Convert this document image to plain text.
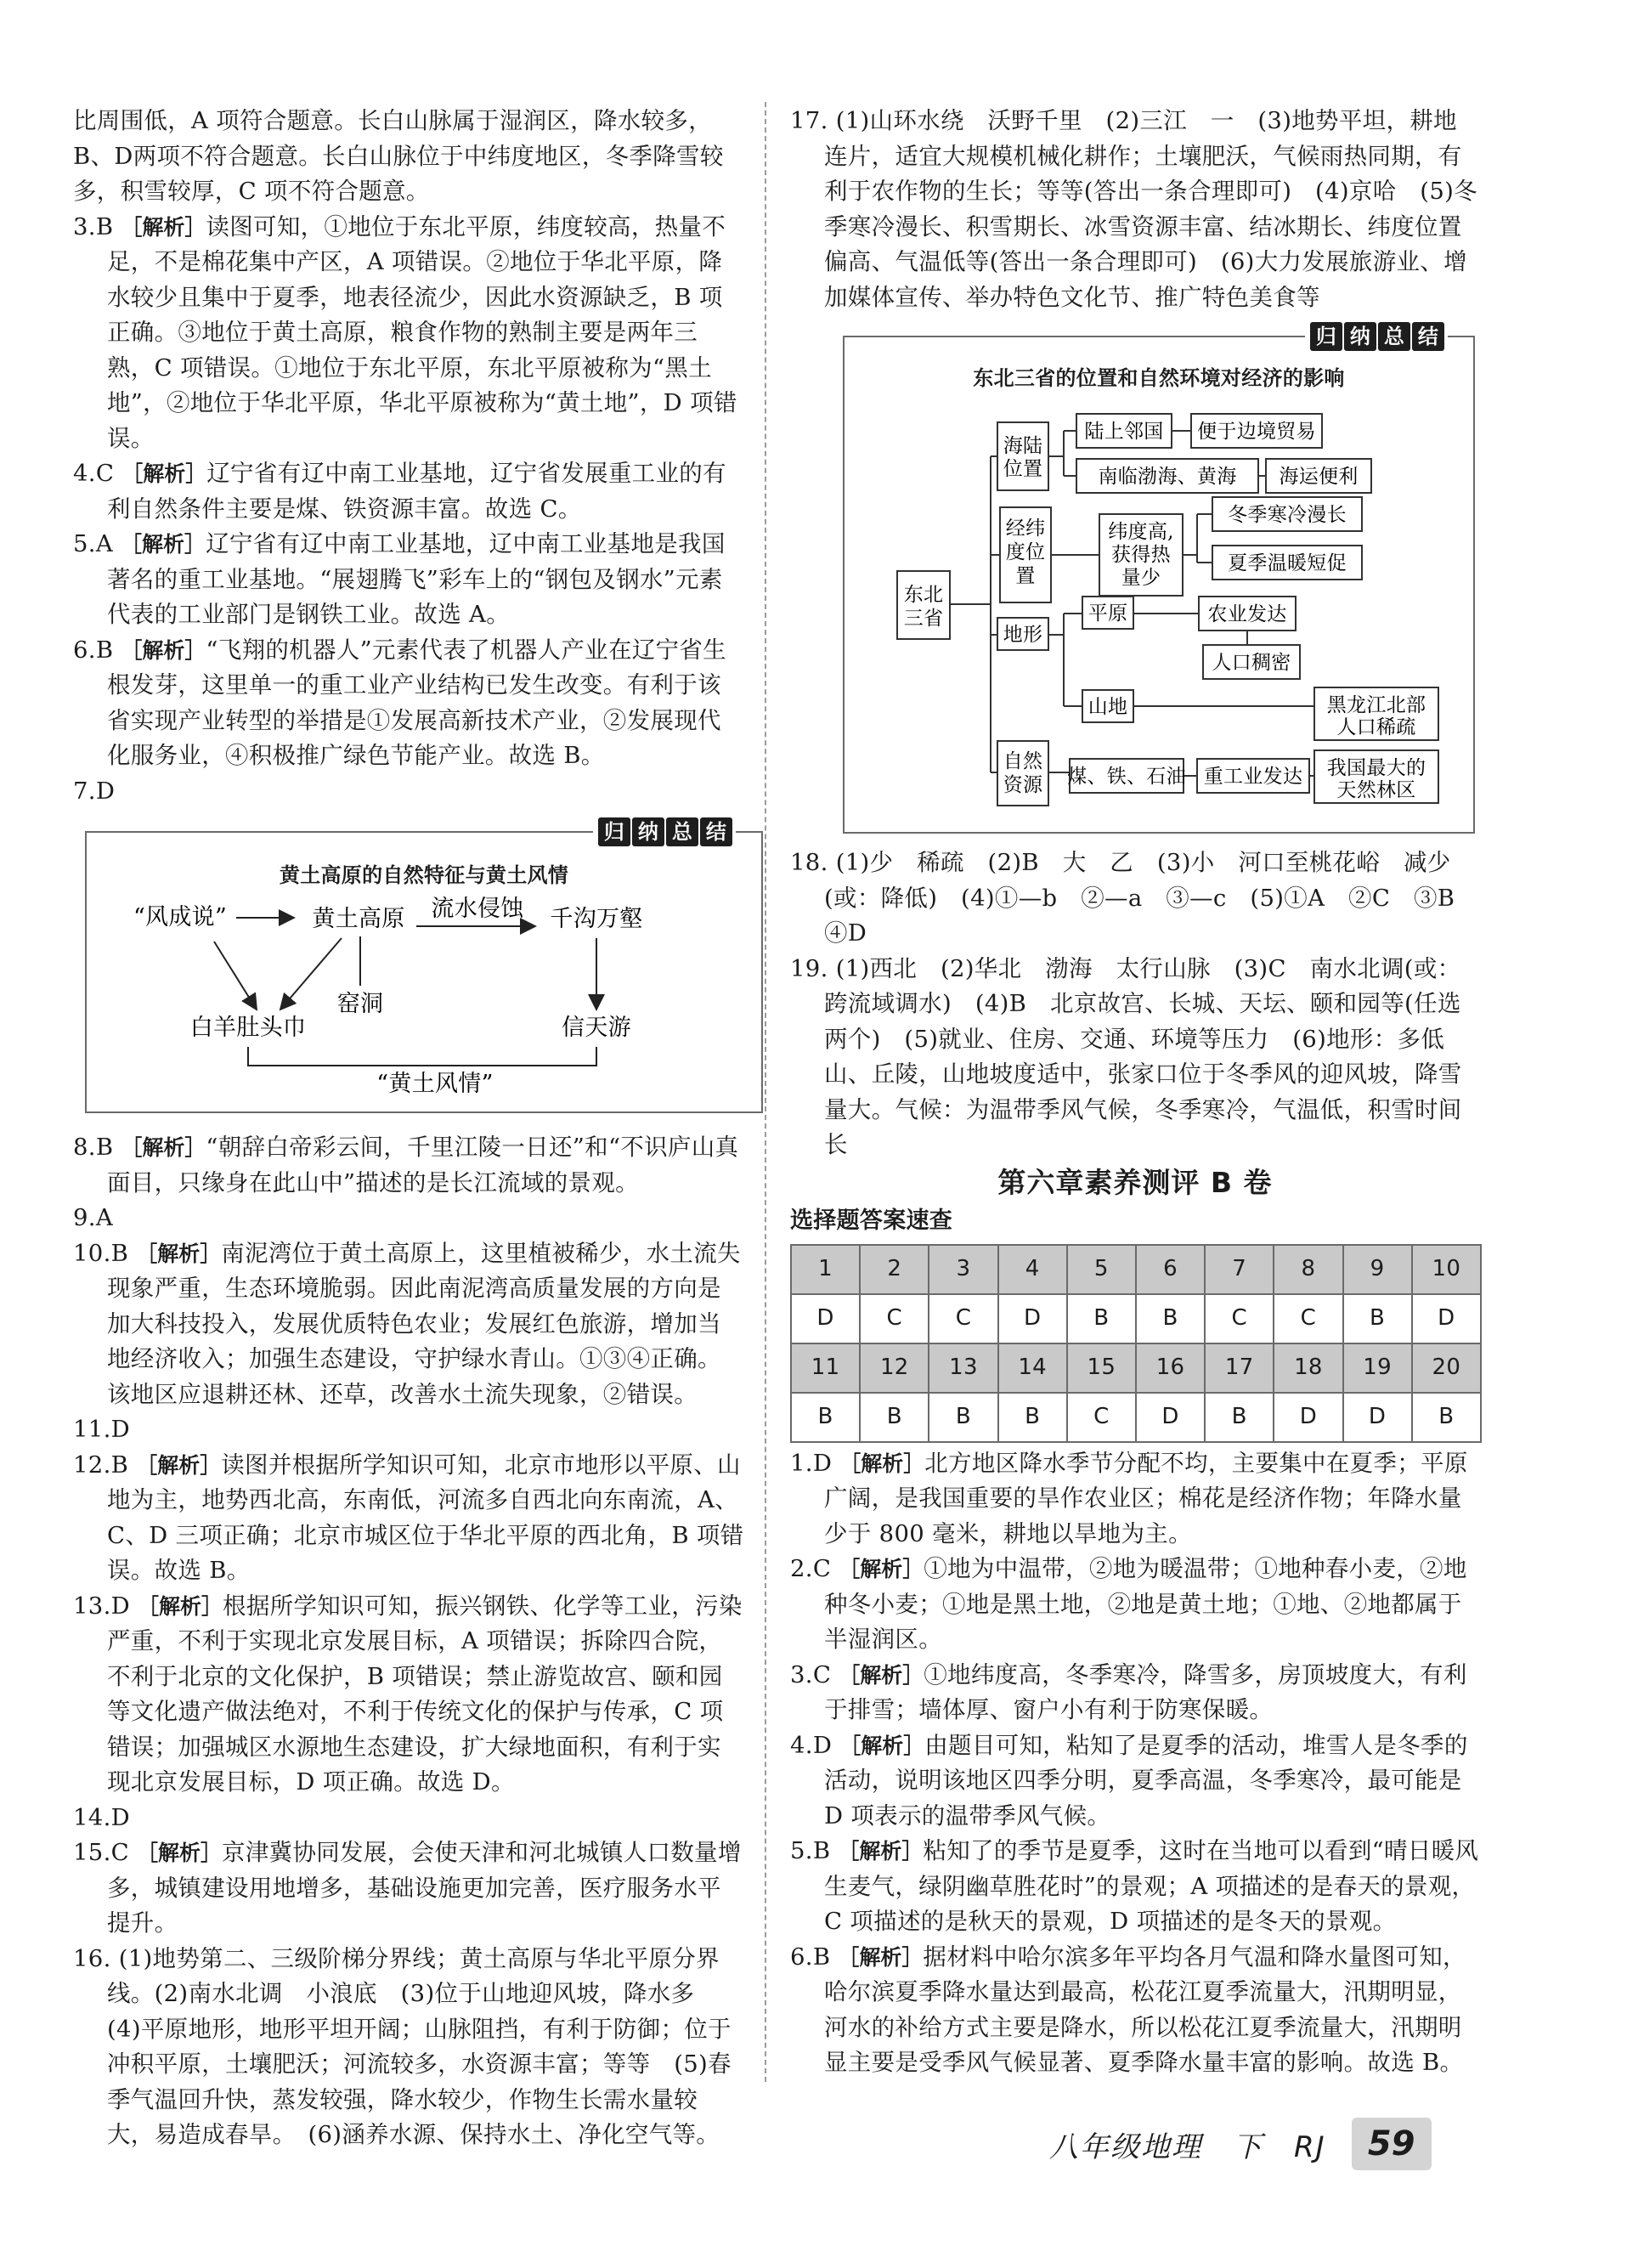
比周围低，A 项符合题意。长白山脉属于湿润区，降水较多，B、D两项不符合题意。长白山脉位于中纬度地区，冬季降雪较多，积雪较厚，C 项不符合题意。

3.B ［解析］读图可知，①地位于东北平原，纬度较高，热量不足，不是棉花集中产区，A 项错误。②地位于华北平原，降水较少且集中于夏季，地表径流少，因此水资源缺乏，B 项正确。③地位于黄土高原，粮食作物的熟制主要是两年三熟，C 项错误。①地位于东北平原，东北平原被称为“黑土地”，②地位于华北平原，华北平原被称为“黄土地”，D 项错误。

4.C ［解析］辽宁省有辽中南工业基地，辽宁省发展重工业的有利自然条件主要是煤、铁资源丰富。故选 C。

5.A ［解析］辽宁省有辽中南工业基地，辽中南工业基地是我国著名的重工业基地。“展翅腾飞”彩车上的“钢包及钢水”元素代表的工业部门是钢铁工业。故选 A。

6.B ［解析］“飞翔的机器人”元素代表了机器人产业在辽宁省生根发芽，这里单一的重工业产业结构已发生改变。有利于该省实现产业转型的举措是①发展高新技术产业，②发展现代化服务业，④积极推广绿色节能产业。故选 B。

7.D

归 纳 总 结
黄土高原的自然特征与黄土风情
“风成说”	黄土高原 流水侵蚀 千沟万壑
窑洞
白羊肚头巾	信天游
“黄土风情”

8.B ［解析］“朝辞白帝彩云间，千里江陵一日还”和“不识庐山真面目，只缘身在此山中”描述的是长江流域的景观。

9.A

10.B ［解析］南泥湾位于黄土高原上，这里植被稀少，水土流失现象严重，生态环境脆弱。因此南泥湾高质量发展的方向是加大科技投入，发展优质特色农业；发展红色旅游，增加当地经济收入；加强生态建设，守护绿水青山。①③④正确。该地区应退耕还林、还草，改善水土流失现象，②错误。

11.D

12.B ［解析］读图并根据所学知识可知，北京市地形以平原、山地为主，地势西北高，东南低，河流多自西北向东南流，A、C、D 三项正确；北京市城区位于华北平原的西北角，B 项错误。故选 B。

13.D ［解析］根据所学知识可知，振兴钢铁、化学等工业，污染严重，不利于实现北京发展目标，A 项错误；拆除四合院，不利于北京的文化保护，B 项错误；禁止游览故宫、颐和园等文化遗产做法绝对，不利于传统文化的保护与传承，C 项错误；加强城区水源地生态建设，扩大绿地面积，有利于实现北京发展目标，D 项正确。故选 D。

14.D

15.C ［解析］京津冀协同发展，会使天津和河北城镇人口数量增多，城镇建设用地增多，基础设施更加完善，医疗服务水平提升。

16. (1)地势第二、三级阶梯分界线；黄土高原与华北平原分界线。(2)南水北调　小浪底　(3)位于山地迎风坡，降水多　(4)平原地形，地形平坦开阔；山脉阻挡，有利于防御；位于冲积平原，土壤肥沃；河流较多，水资源丰富；等等　(5)春季气温回升快，蒸发较强，降水较少，作物生长需水量较大，易造成春旱。　(6)涵养水源、保持水土、净化空气等。

17. (1)山环水绕　沃野千里　(2)三江　一　(3)地势平坦，耕地连片，适宜大规模机械化耕作；土壤肥沃，气候雨热同期，有利于农作物的生长；等等(答出一条合理即可)　(4)京哈　(5)冬季寒冷漫长、积雪期长、冰雪资源丰富、结冰期长、纬度位置偏高、气温低等(答出一条合理即可)　(6)大力发展旅游业、增加媒体宣传、举办特色文化节、推广特色美食等

归 纳 总 结
东北三省的位置和自然环境对经济的影响
东北
三省
海陆
位置
经纬
度位
置
地形
自然
资源
陆上邻国 便于边境贸易
南临渤海、黄海 海运便利
纬度高,
获得热
量少
冬季寒冷漫长
夏季温暖短促
平原	农业发达
人口稠密
山地	黑龙江北部
人口稀疏
煤、铁、石油 重工业发达 我国最大的
天然林区

18. (1)少　稀疏　(2)B　大　乙　(3)小　河口至桃花峪　减少(或：降低)　(4)①—b　②—a　③—c　(5)①A　②C　③B　④D

19. (1)西北　(2)华北　渤海　太行山脉　(3)C　南水北调(或：跨流域调水)　(4)B　北京故宫、长城、天坛、颐和园等(任选两个)　(5)就业、住房、交通、环境等压力　(6)地形：多低山、丘陵，山地坡度适中，张家口位于冬季风的迎风坡，降雪量大。气候：为温带季风气候，冬季寒冷，气温低，积雪时间长

第六章素养测评 B 卷
选择题答案速查
1	2	3	4	5	6	7	8	9	10
D	C	C	D	B	B	C	C	B	D
11	12	13	14	15	16	17	18	19	20
B	B	B	B	C	D	B	D	D	B

1.D ［解析］北方地区降水季节分配不均，主要集中在夏季；平原广阔，是我国重要的旱作农业区；棉花是经济作物；年降水量少于 800 毫米，耕地以旱地为主。

2.C ［解析］①地为中温带，②地为暖温带；①地种春小麦，②地种冬小麦；①地是黑土地，②地是黄土地；①地、②地都属于半湿润区。

3.C ［解析］①地纬度高，冬季寒冷，降雪多，房顶坡度大，有利于排雪；墙体厚、窗户小有利于防寒保暖。

4.D ［解析］由题目可知，粘知了是夏季的活动，堆雪人是冬季的活动，说明该地区四季分明，夏季高温，冬季寒冷，最可能是 D 项表示的温带季风气候。

5.B ［解析］粘知了的季节是夏季，这时在当地可以看到“晴日暖风生麦气，绿阴幽草胜花时”的景观；A 项描述的是春天的景观，C 项描述的是秋天的景观，D 项描述的是冬天的景观。

6.B ［解析］据材料中哈尔滨多年平均各月气温和降水量图可知，哈尔滨夏季降水量达到最高，松花江夏季流量大，汛期明显，河水的补给方式主要是降水，所以松花江夏季流量大，汛期明显主要是受季风气候显著、夏季降水量丰富的影响。故选 B。

八年级地理　下　RJ	59
